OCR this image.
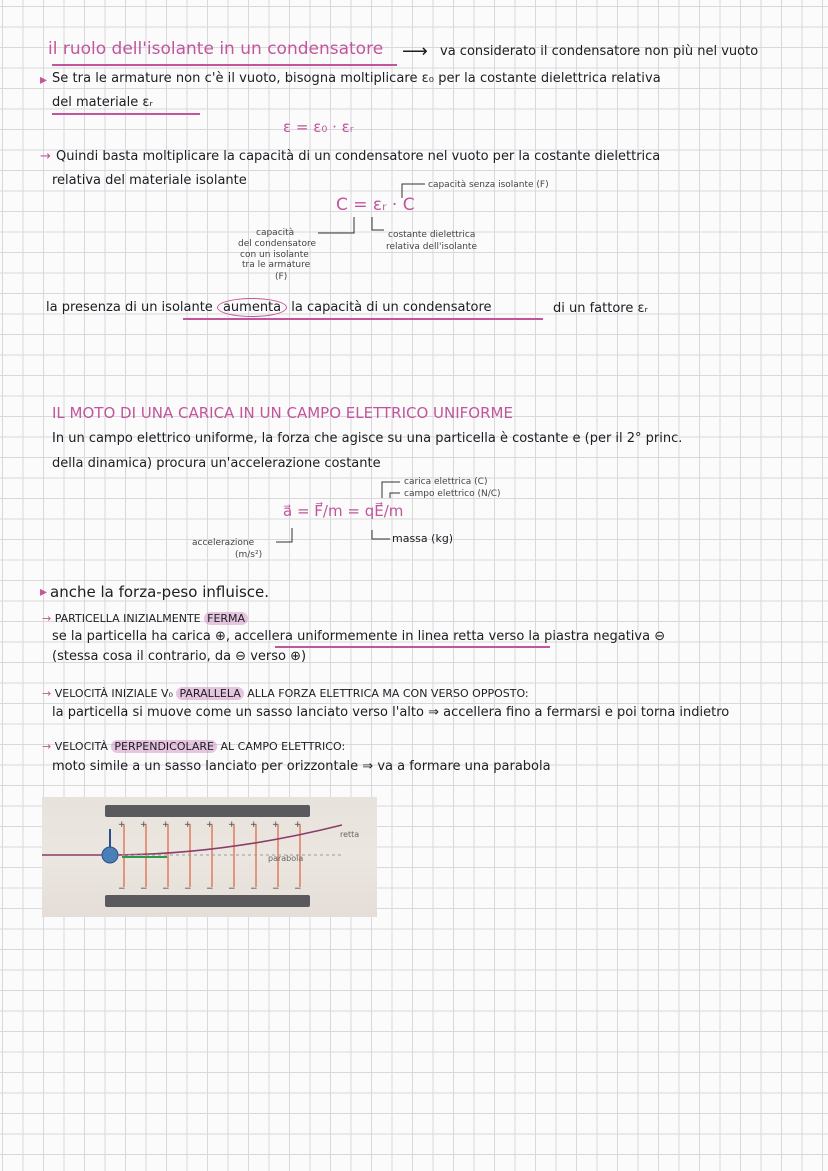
il ruolo dell'isolante in un condensatore ⟶ va considerato il condensatore non più nel vuoto
▸ Se tra le armature non c'è il vuoto, bisogna moltiplicare ε₀ per la costante dielettrica relativa
del materiale εᵣ
ε = ε₀ · εᵣ
→ Quindi basta moltiplicare la capacità di un condensatore nel vuoto per la costante dielettrica
relativa del materiale isolante
C = εᵣ · C
capacità senza isolante (F)
costante dielettrica
relativa dell'isolante
capacità
del condensatore
con un isolante
tra le armature
(F)
la presenza di un isolante aumenta la capacità di un condensatore	di un fattore εᵣ
IL MOTO DI UNA CARICA IN UN CAMPO ELETTRICO UNIFORME
In un campo elettrico uniforme, la forza che agisce su una particella è costante e (per il 2° princ.
della dinamica) procura un'accelerazione costante
a⃗ = F⃗/m = qE⃗/m
carica elettrica (C)
campo elettrico (N/C)
massa (kg)
accelerazione
(m/s²)
▸ anche la forza-peso influisce.
→ PARTICELLA INIZIALMENTE FERMA
se la particella ha carica ⊕, accellera uniformemente in linea retta verso la piastra negativa ⊖
(stessa cosa il contrario, da ⊖ verso ⊕)
→ VELOCITÀ INIZIALE V₀ PARALLELA ALLA FORZA ELETTRICA MA CON VERSO OPPOSTO:
la particella si muove come un sasso lanciato verso l'alto ⇒ accellera fino a fermarsi e poi torna indietro
→ VELOCITÀ PERPENDICOLARE AL CAMPO ELETTRICO:
moto simile a un sasso lanciato per orizzontale ⇒ va a formare una parabola
+ + + + + + + + +
− − − − − − − − −
retta
parabola
